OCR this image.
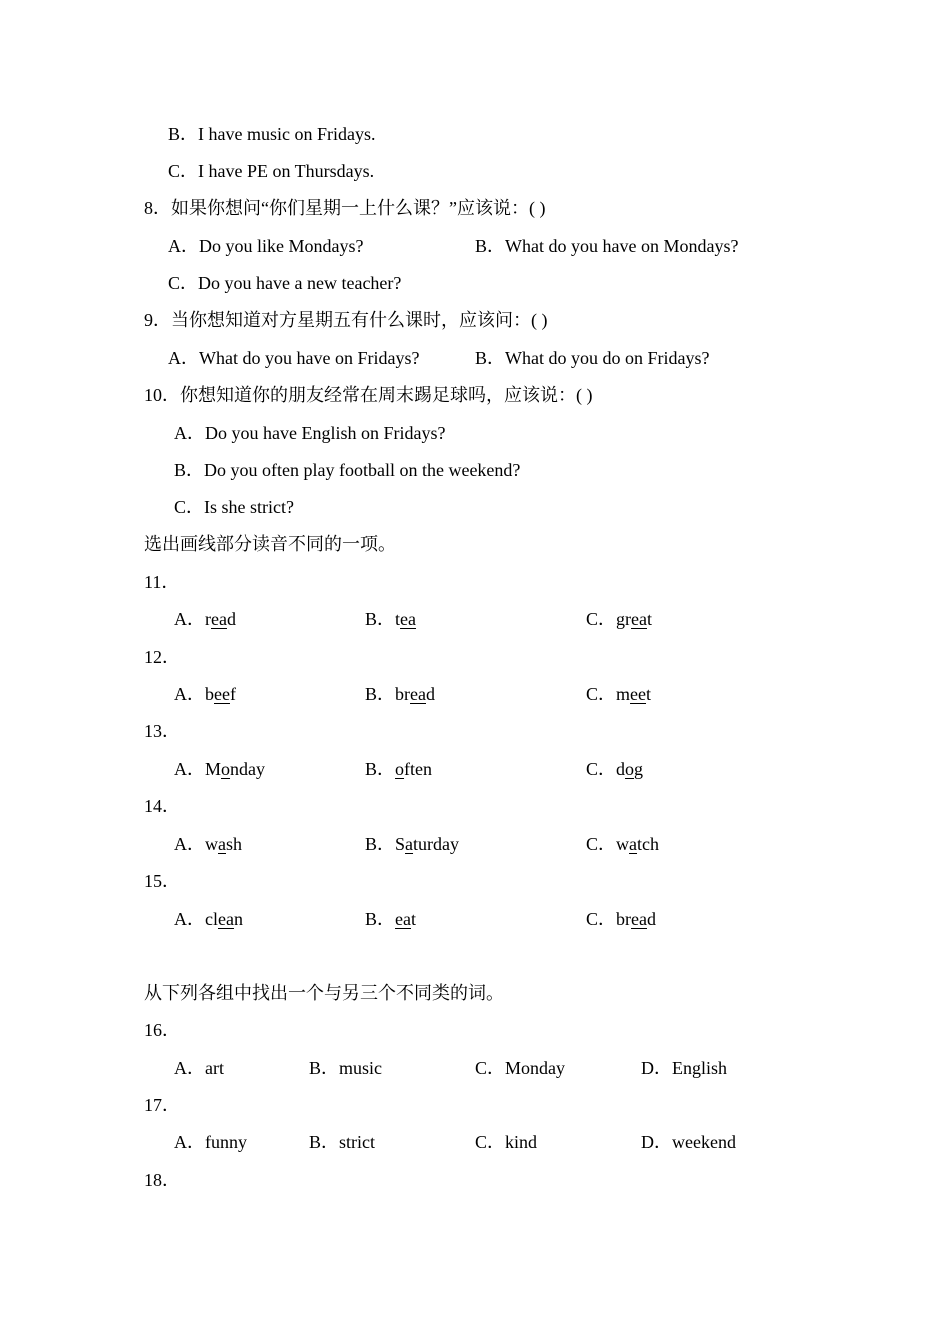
B．I have music on Fridays.
C．I have PE on Thursdays.
8．如果你想问“你们星期一上什么课？”应该说：( )
A．Do you like Mondays?	B．What do you have on Mondays?
C．Do you have a new teacher?
9．当你想知道对方星期五有什么课时，应该问：( )
A．What do you have on Fridays?	B．What do you do on Fridays?
10．你想知道你的朋友经常在周末踢足球吗，应该说：( )
A．Do you have English on Fridays?
B．Do you often play football on the weekend?
C．Is she strict?
选出画线部分读音不同的一项。
11．
A．read	B．tea	C．great
12．
A．beef	B．bread	C．meet
13．
A．Monday	B．often	C．dog
14．
A．wash	B．Saturday	C．watch
15．
A．clean	B．eat	C．bread
从下列各组中找出一个与另三个不同类的词。
16．
A．art	B．music	C．Monday	D．English
17．
A．funny	B．strict	C．kind	D．weekend
18．
